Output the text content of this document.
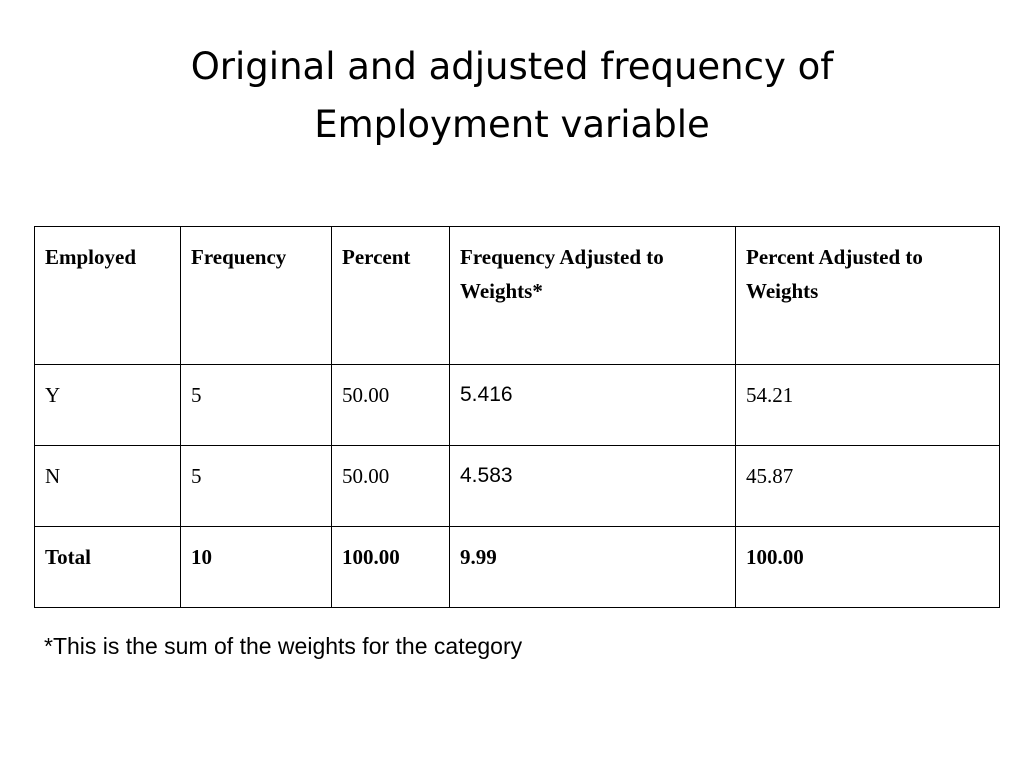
Original and adjusted frequency of
Employment variable
Employed	Frequency	Percent	Frequency Adjusted to Weights*	Percent Adjusted to Weights
Y	5	50.00	5.416	54.21
N	5	50.00	4.583	45.87
Total	10	100.00	9.99	100.00

*This is the sum of the weights for the category
